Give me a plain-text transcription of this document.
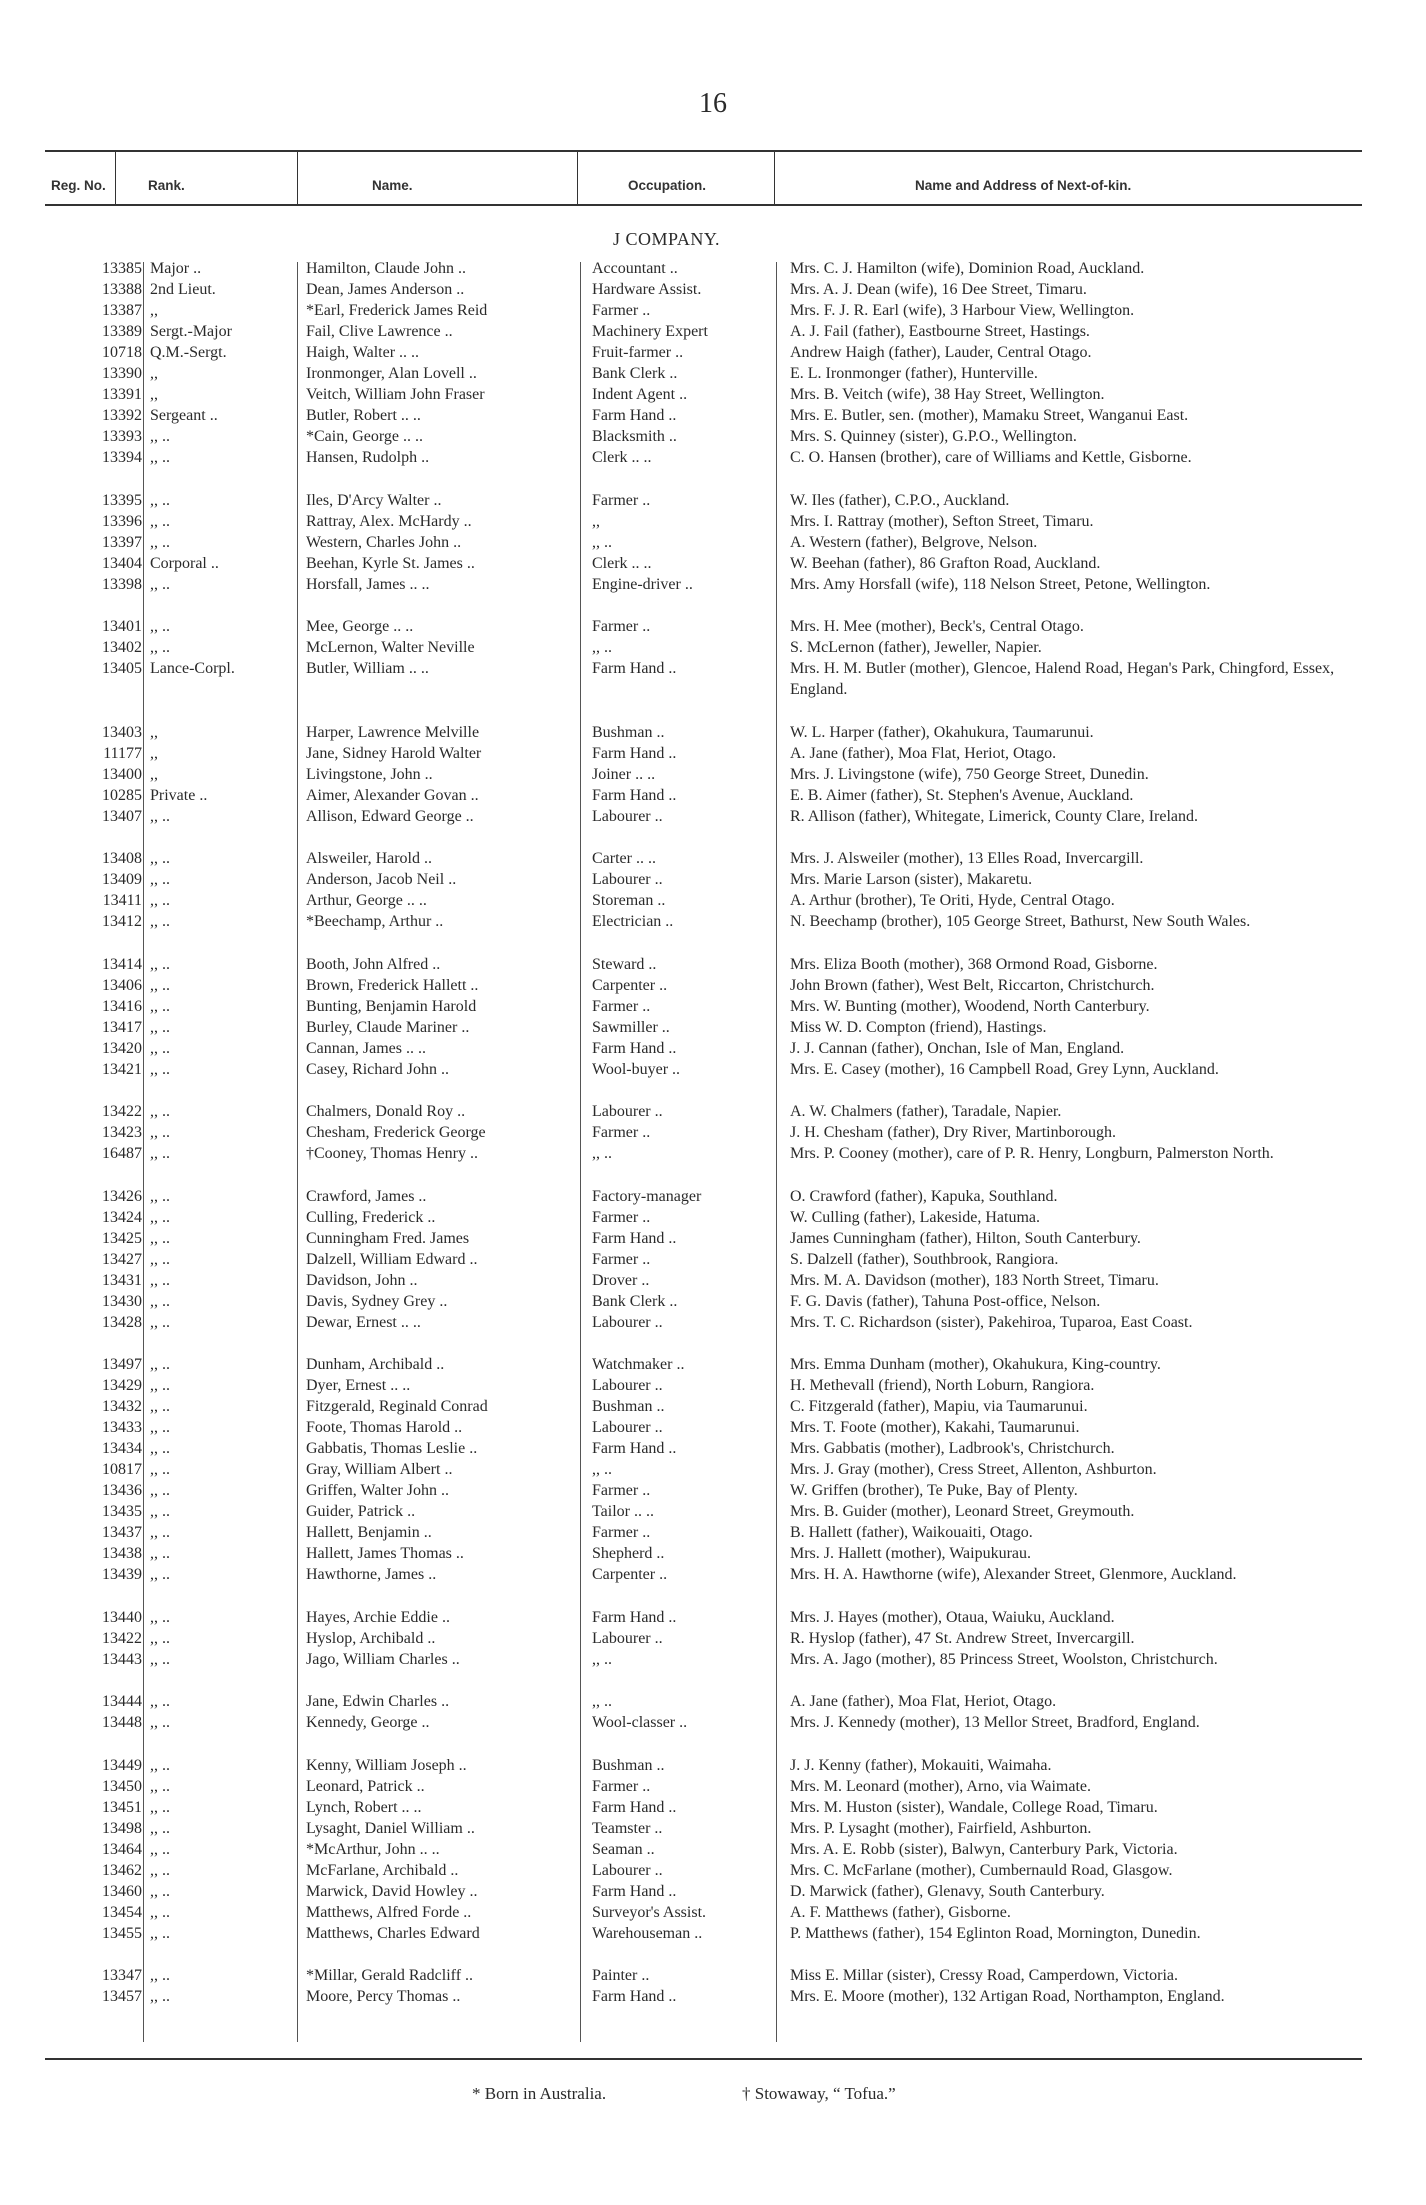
16
Reg. No.	Rank.	Name.	Occupation.	Name and Address of Next-of-kin.
J COMPANY.
13385 Major ..	Hamilton, Claude John ..	Accountant ..	Mrs. C. J. Hamilton (wife), Dominion Road, Auckland.
13388 2nd Lieut.	Dean, James Anderson ..	Hardware Assist.	Mrs. A. J. Dean (wife), 16 Dee Street, Timaru.
13387 ,,	*Earl, Frederick James Reid	Farmer ..	Mrs. F. J. R. Earl (wife), 3 Harbour View, Wellington.
13389 Sergt.-Major	Fail, Clive Lawrence ..	Machinery Expert	A. J. Fail (father), Eastbourne Street, Hastings.
10718 Q.M.-Sergt.	Haigh, Walter .. ..	Fruit-farmer ..	Andrew Haigh (father), Lauder, Central Otago.
13390 ,,	Ironmonger, Alan Lovell ..	Bank Clerk ..	E. L. Ironmonger (father), Hunterville.
13391 ,,	Veitch, William John Fraser	Indent Agent ..	Mrs. B. Veitch (wife), 38 Hay Street, Wellington.
13392 Sergeant ..	Butler, Robert .. ..	Farm Hand ..	Mrs. E. Butler, sen. (mother), Mamaku Street, Wanganui East.
13393 ,, ..	*Cain, George .. ..	Blacksmith ..	Mrs. S. Quinney (sister), G.P.O., Wellington.
13394 ,, ..	Hansen, Rudolph ..	Clerk .. ..	C. O. Hansen (brother), care of Williams and Kettle, Gisborne.
13395 ,, ..	Iles, D'Arcy Walter ..	Farmer ..	W. Iles (father), C.P.O., Auckland.
13396 ,, ..	Rattray, Alex. McHardy ..	,,	Mrs. I. Rattray (mother), Sefton Street, Timaru.
13397 ,, ..	Western, Charles John ..	,, ..	A. Western (father), Belgrove, Nelson.
13404 Corporal ..	Beehan, Kyrle St. James ..	Clerk .. ..	W. Beehan (father), 86 Grafton Road, Auckland.
13398 ,, ..	Horsfall, James .. ..	Engine-driver ..	Mrs. Amy Horsfall (wife), 118 Nelson Street, Petone, Wellington.
13401 ,, ..	Mee, George .. ..	Farmer ..	Mrs. H. Mee (mother), Beck's, Central Otago.
13402 ,, ..	McLernon, Walter Neville	,, ..	S. McLernon (father), Jeweller, Napier.
13405 Lance-Corpl.	Butler, William .. ..	Farm Hand ..	Mrs. H. M. Butler (mother), Glencoe, Halend Road, Hegan's Park, Chingford, Essex, England.
13403 ,,	Harper, Lawrence Melville	Bushman ..	W. L. Harper (father), Okahukura, Taumarunui.
11177 ,,	Jane, Sidney Harold Walter	Farm Hand ..	A. Jane (father), Moa Flat, Heriot, Otago.
13400 ,,	Livingstone, John ..	Joiner .. ..	Mrs. J. Livingstone (wife), 750 George Street, Dunedin.
10285 Private ..	Aimer, Alexander Govan ..	Farm Hand ..	E. B. Aimer (father), St. Stephen's Avenue, Auckland.
13407 ,, ..	Allison, Edward George ..	Labourer ..	R. Allison (father), Whitegate, Limerick, County Clare, Ireland.
13408 ,, ..	Alsweiler, Harold ..	Carter .. ..	Mrs. J. Alsweiler (mother), 13 Elles Road, Invercargill.
13409 ,, ..	Anderson, Jacob Neil ..	Labourer ..	Mrs. Marie Larson (sister), Makaretu.
13411 ,, ..	Arthur, George .. ..	Storeman ..	A. Arthur (brother), Te Oriti, Hyde, Central Otago.
13412 ,, ..	*Beechamp, Arthur ..	Electrician ..	N. Beechamp (brother), 105 George Street, Bathurst, New South Wales.
13414 ,, ..	Booth, John Alfred ..	Steward ..	Mrs. Eliza Booth (mother), 368 Ormond Road, Gisborne.
13406 ,, ..	Brown, Frederick Hallett ..	Carpenter ..	John Brown (father), West Belt, Riccarton, Christchurch.
13416 ,, ..	Bunting, Benjamin Harold	Farmer ..	Mrs. W. Bunting (mother), Woodend, North Canterbury.
13417 ,, ..	Burley, Claude Mariner ..	Sawmiller ..	Miss W. D. Compton (friend), Hastings.
13420 ,, ..	Cannan, James .. ..	Farm Hand ..	J. J. Cannan (father), Onchan, Isle of Man, England.
13421 ,, ..	Casey, Richard John ..	Wool-buyer ..	Mrs. E. Casey (mother), 16 Campbell Road, Grey Lynn, Auckland.
13422 ,, ..	Chalmers, Donald Roy ..	Labourer ..	A. W. Chalmers (father), Taradale, Napier.
13423 ,, ..	Chesham, Frederick George	Farmer ..	J. H. Chesham (father), Dry River, Martinborough.
16487 ,, ..	†Cooney, Thomas Henry ..	,, ..	Mrs. P. Cooney (mother), care of P. R. Henry, Longburn, Palmerston North.
13426 ,, ..	Crawford, James ..	Factory-manager	O. Crawford (father), Kapuka, Southland.
13424 ,, ..	Culling, Frederick ..	Farmer ..	W. Culling (father), Lakeside, Hatuma.
13425 ,, ..	Cunningham Fred. James	Farm Hand ..	James Cunningham (father), Hilton, South Canterbury.
13427 ,, ..	Dalzell, William Edward ..	Farmer ..	S. Dalzell (father), Southbrook, Rangiora.
13431 ,, ..	Davidson, John ..	Drover ..	Mrs. M. A. Davidson (mother), 183 North Street, Timaru.
13430 ,, ..	Davis, Sydney Grey ..	Bank Clerk ..	F. G. Davis (father), Tahuna Post-office, Nelson.
13428 ,, ..	Dewar, Ernest .. ..	Labourer ..	Mrs. T. C. Richardson (sister), Pakehiroa, Tuparoa, East Coast.
13497 ,, ..	Dunham, Archibald ..	Watchmaker ..	Mrs. Emma Dunham (mother), Okahukura, King-country.
13429 ,, ..	Dyer, Ernest .. ..	Labourer ..	H. Methevall (friend), North Loburn, Rangiora.
13432 ,, ..	Fitzgerald, Reginald Conrad	Bushman ..	C. Fitzgerald (father), Mapiu, via Taumarunui.
13433 ,, ..	Foote, Thomas Harold ..	Labourer ..	Mrs. T. Foote (mother), Kakahi, Taumarunui.
13434 ,, ..	Gabbatis, Thomas Leslie ..	Farm Hand ..	Mrs. Gabbatis (mother), Ladbrook's, Christchurch.
10817 ,, ..	Gray, William Albert ..	,, ..	Mrs. J. Gray (mother), Cress Street, Allenton, Ashburton.
13436 ,, ..	Griffen, Walter John ..	Farmer ..	W. Griffen (brother), Te Puke, Bay of Plenty.
13435 ,, ..	Guider, Patrick ..	Tailor .. ..	Mrs. B. Guider (mother), Leonard Street, Greymouth.
13437 ,, ..	Hallett, Benjamin ..	Farmer ..	B. Hallett (father), Waikouaiti, Otago.
13438 ,, ..	Hallett, James Thomas ..	Shepherd ..	Mrs. J. Hallett (mother), Waipukurau.
13439 ,, ..	Hawthorne, James ..	Carpenter ..	Mrs. H. A. Hawthorne (wife), Alexander Street, Glenmore, Auckland.
13440 ,, ..	Hayes, Archie Eddie ..	Farm Hand ..	Mrs. J. Hayes (mother), Otaua, Waiuku, Auckland.
13422 ,, ..	Hyslop, Archibald ..	Labourer ..	R. Hyslop (father), 47 St. Andrew Street, Invercargill.
13443 ,, ..	Jago, William Charles ..	,, ..	Mrs. A. Jago (mother), 85 Princess Street, Woolston, Christchurch.
13444 ,, ..	Jane, Edwin Charles ..	,, ..	A. Jane (father), Moa Flat, Heriot, Otago.
13448 ,, ..	Kennedy, George ..	Wool-classer ..	Mrs. J. Kennedy (mother), 13 Mellor Street, Bradford, England.
13449 ,, ..	Kenny, William Joseph ..	Bushman ..	J. J. Kenny (father), Mokauiti, Waimaha.
13450 ,, ..	Leonard, Patrick ..	Farmer ..	Mrs. M. Leonard (mother), Arno, via Waimate.
13451 ,, ..	Lynch, Robert .. ..	Farm Hand ..	Mrs. M. Huston (sister), Wandale, College Road, Timaru.
13498 ,, ..	Lysaght, Daniel William ..	Teamster ..	Mrs. P. Lysaght (mother), Fairfield, Ashburton.
13464 ,, ..	*McArthur, John .. ..	Seaman ..	Mrs. A. E. Robb (sister), Balwyn, Canterbury Park, Victoria.
13462 ,, ..	McFarlane, Archibald ..	Labourer ..	Mrs. C. McFarlane (mother), Cumbernauld Road, Glasgow.
13460 ,, ..	Marwick, David Howley ..	Farm Hand ..	D. Marwick (father), Glenavy, South Canterbury.
13454 ,, ..	Matthews, Alfred Forde ..	Surveyor's Assist.	A. F. Matthews (father), Gisborne.
13455 ,, ..	Matthews, Charles Edward	Warehouseman ..	P. Matthews (father), 154 Eglinton Road, Mornington, Dunedin.
13347 ,, ..	*Millar, Gerald Radcliff ..	Painter ..	Miss E. Millar (sister), Cressy Road, Camperdown, Victoria.
13457 ,, ..	Moore, Percy Thomas ..	Farm Hand ..	Mrs. E. Moore (mother), 132 Artigan Road, Northampton, England.
* Born in Australia.	† Stowaway, “ Tofua.”
